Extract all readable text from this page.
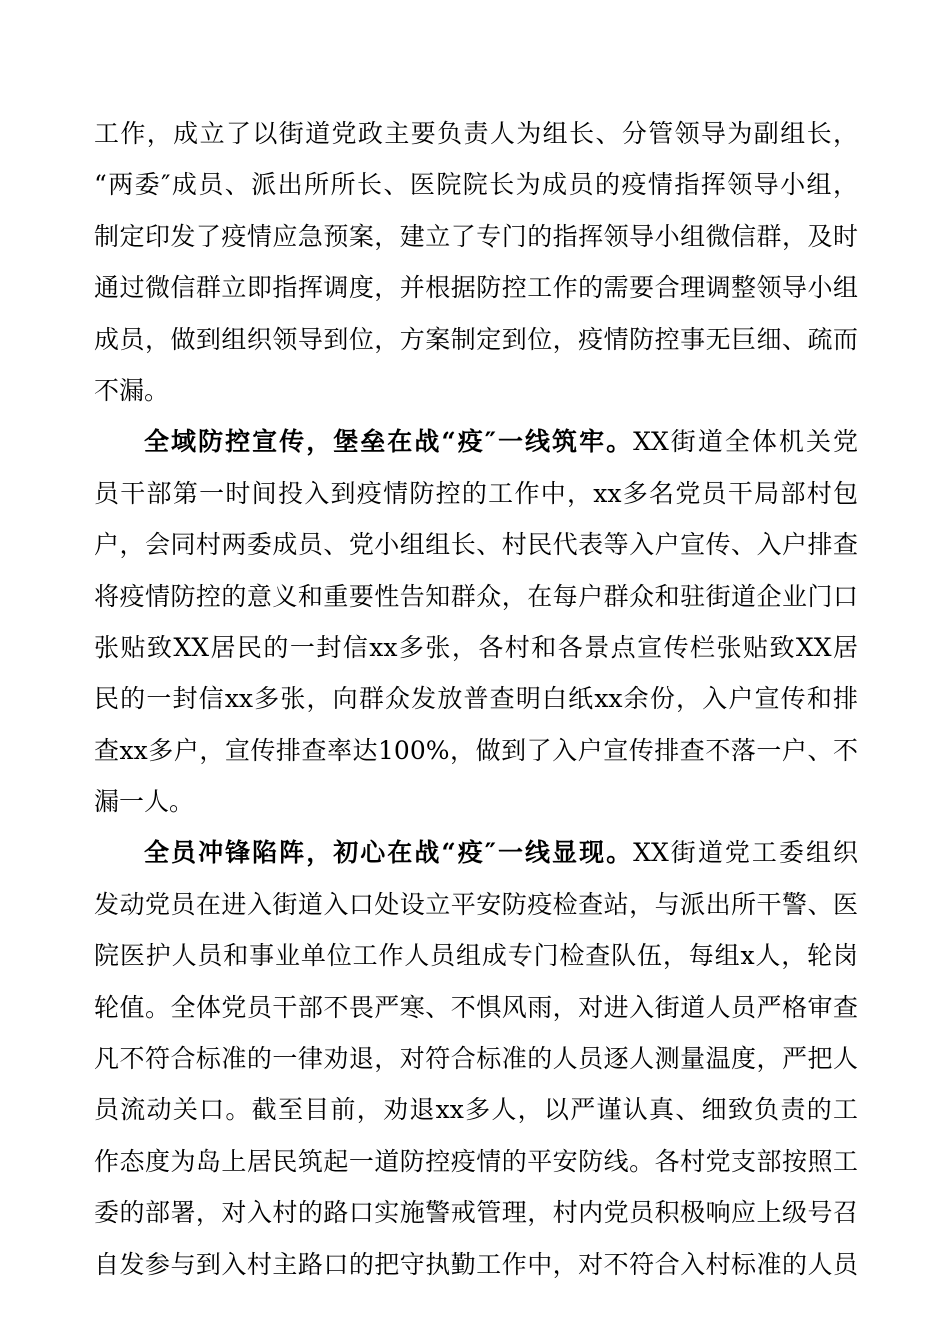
工作，成立了以街道党政主要负责人为组长、分管领导为副组长，
“两委″成员、派出所所长、医院院长为成员的疫情指挥领导小组，
制定印发了疫情应急预案，建立了专门的指挥领导小组微信群，及时
通过微信群立即指挥调度，并根据防控工作的需要合理调整领导小组
成员，做到组织领导到位，方案制定到位，疫情防控事无巨细、疏而
不漏。
全域防控宣传，堡垒在战“疫″一线筑牢。XX街道全体机关党
员干部第一时间投入到疫情防控的工作中，xx多名党员干局部村包
户，会同村两委成员、党小组组长、村民代表等入户宣传、入户排查
将疫情防控的意义和重要性告知群众，在每户群众和驻街道企业门口
张贴致XX居民的一封信xx多张，各村和各景点宣传栏张贴致XX居
民的一封信xx多张，向群众发放普查明白纸xx余份，入户宣传和排
查xx多户，宣传排查率达100%，做到了入户宣传排查不落一户、不
漏一人。
全员冲锋陷阵，初心在战“疫″一线显现。XX街道党工委组织
发动党员在进入街道入口处设立平安防疫检查站，与派出所干警、医
院医护人员和事业单位工作人员组成专门检查队伍，每组x人，轮岗
轮值。全体党员干部不畏严寒、不惧风雨，对进入街道人员严格审查
凡不符合标准的一律劝退，对符合标准的人员逐人测量温度，严把人
员流动关口。截至目前，劝退xx多人，以严谨认真、细致负责的工
作态度为岛上居民筑起一道防控疫情的平安防线。各村党支部按照工
委的部署，对入村的路口实施警戒管理，村内党员积极响应上级号召
自发参与到入村主路口的把守执勤工作中，对不符合入村标准的人员
